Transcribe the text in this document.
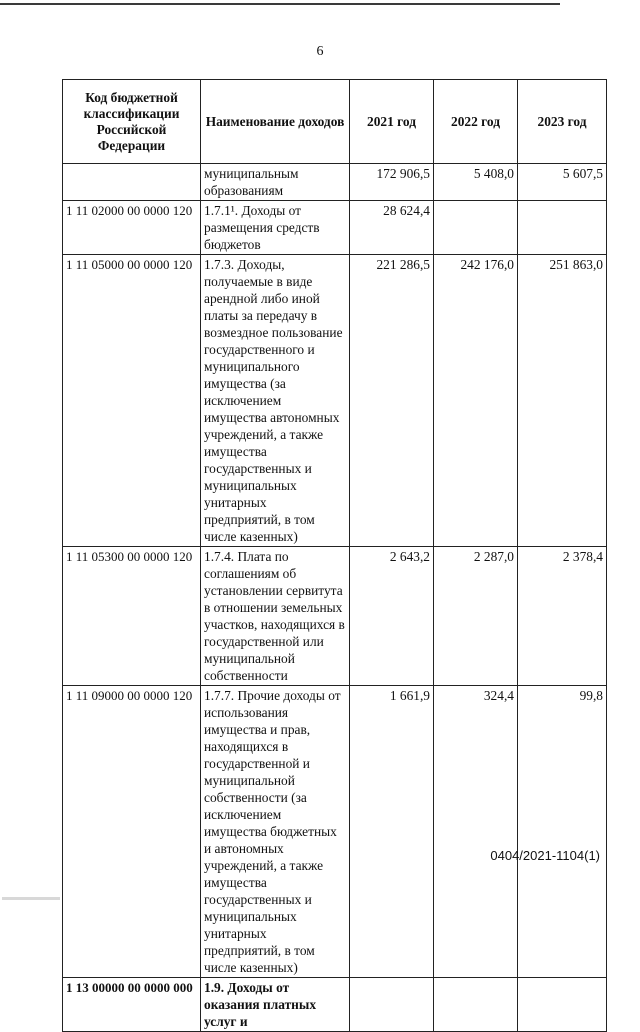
6
Код бюджетной классификации Российской Федерации	Наименование доходов	2021 год	2022 год	2023 год
	муниципальным образованиям	172 906,5	5 408,0	5 607,5
1 11 02000 00 0000 120	1.7.1¹. Доходы от размещения средств бюджетов	28 624,4		
1 11 05000 00 0000 120	1.7.3. Доходы, получаемые в виде арендной либо иной платы за передачу в возмездное пользование государственного и муниципального имущества (за исключением имущества автономных учреждений, а также имущества государственных и муниципальных унитарных предприятий, в том числе казенных)	221 286,5	242 176,0	251 863,0
1 11 05300 00 0000 120	1.7.4. Плата по соглашениям об установлении сервитута в отношении земельных участков, находящихся в государственной или муниципальной собственности	2 643,2	2 287,0	2 378,4
1 11 09000 00 0000 120	1.7.7. Прочие доходы от использования имущества и прав, находящихся в государственной и муниципальной собственности (за исключением имущества бюджетных и автономных учреждений, а также имущества государственных и муниципальных унитарных предприятий, в том числе казенных)	1 661,9	324,4	99,8
1 13 00000 00 0000 000	1.9. Доходы от оказания платных услуг и			
0404/2021-1104(1)
